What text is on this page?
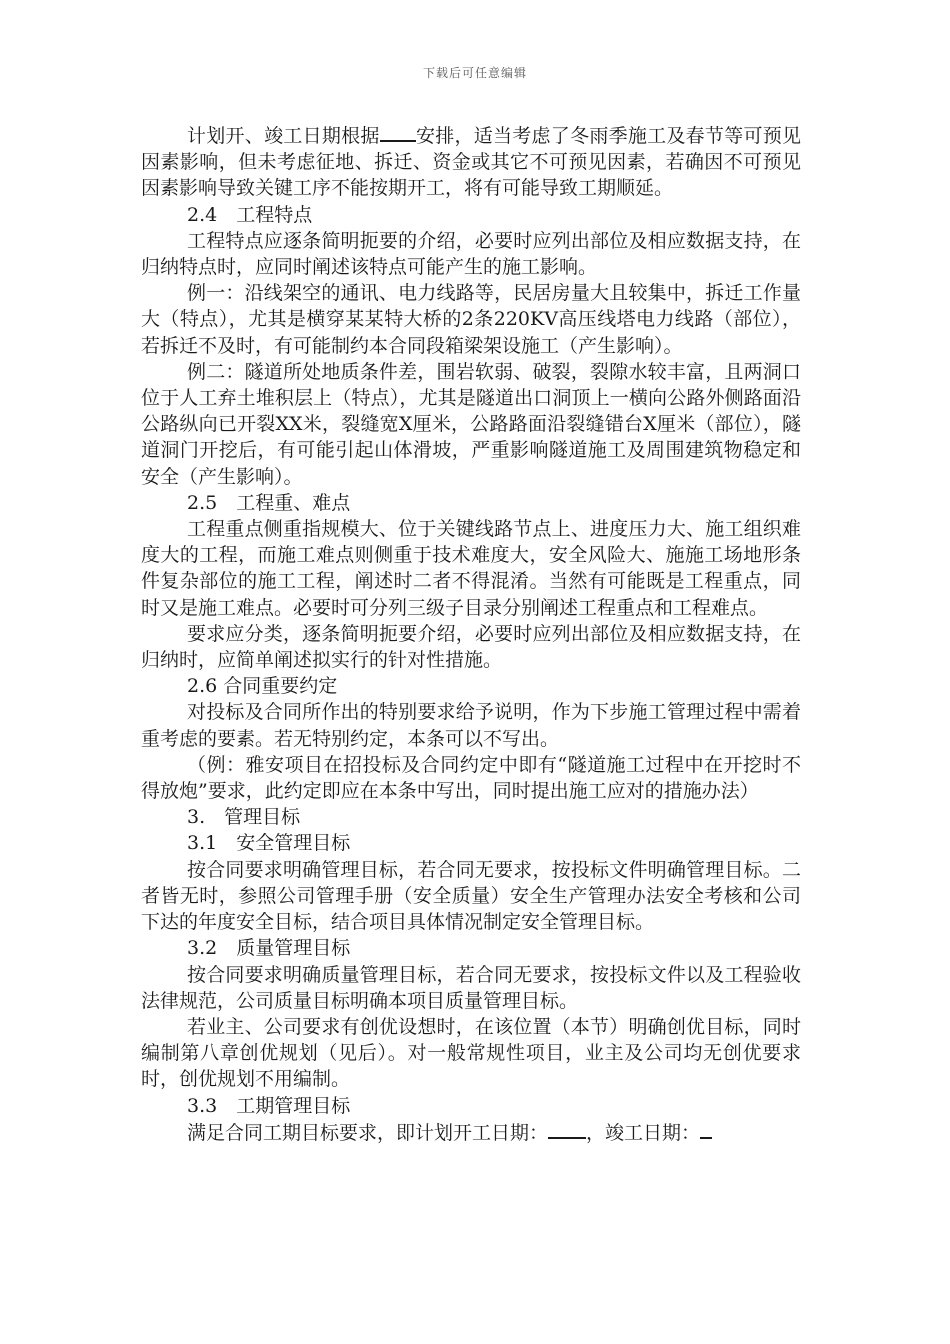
下载后可任意编辑

计划开、竣工日期根据 安排，适当考虑了冬雨季施工及春节等可预见因素影响，但未考虑征地、拆迁、资金或其它不可预见因素，若确因不可预见因素影响导致关键工序不能按期开工，将有可能导致工期顺延。

2.4　工程特点

工程特点应逐条简明扼要的介绍，必要时应列出部位及相应数据支持，在归纳特点时，应同时阐述该特点可能产生的施工影响。

例一：沿线架空的通讯、电力线路等，民居房量大且较集中，拆迁工作量大（特点），尤其是横穿某某特大桥的2条220KV高压线塔电力线路（部位），若拆迁不及时，有可能制约本合同段箱梁架设施工（产生影响）。

例二：隧道所处地质条件差，围岩软弱、破裂，裂隙水较丰富，且两洞口位于人工弃土堆积层上（特点），尤其是隧道出口洞顶上一横向公路外侧路面沿公路纵向已开裂XX米，裂缝宽X厘米，公路路面沿裂缝错台X厘米（部位），隧道洞门开挖后，有可能引起山体滑坡，严重影响隧道施工及周围建筑物稳定和安全（产生影响）。

2.5　工程重、难点

工程重点侧重指规模大、位于关键线路节点上、进度压力大、施工组织难度大的工程，而施工难点则侧重于技术难度大，安全风险大、施施工场地形条件复杂部位的施工工程，阐述时二者不得混淆。当然有可能既是工程重点，同时又是施工难点。必要时可分列三级子目录分别阐述工程重点和工程难点。

要求应分类，逐条简明扼要介绍，必要时应列出部位及相应数据支持，在归纳时，应简单阐述拟实行的针对性措施。

2.6 合同重要约定

对投标及合同所作出的特别要求给予说明，作为下步施工管理过程中需着重考虑的要素。若无特别约定，本条可以不写出。

（例：雅安项目在招投标及合同约定中即有“隧道施工过程中在开挖时不得放炮”要求，此约定即应在本条中写出，同时提出施工应对的措施办法）

3.　管理目标

3.1　安全管理目标

按合同要求明确管理目标，若合同无要求，按投标文件明确管理目标。二者皆无时，参照公司管理手册（安全质量）安全生产管理办法安全考核和公司下达的年度安全目标，结合项目具体情况制定安全管理目标。

3.2　质量管理目标

按合同要求明确质量管理目标，若合同无要求，按投标文件以及工程验收法律规范，公司质量目标明确本项目质量管理目标。

若业主、公司要求有创优设想时，在该位置（本节）明确创优目标，同时编制第八章创优规划（见后）。对一般常规性项目，业主及公司均无创优要求时，创优规划不用编制。

3.3　工期管理目标

满足合同工期目标要求，即计划开工日期： ，竣工日期：
